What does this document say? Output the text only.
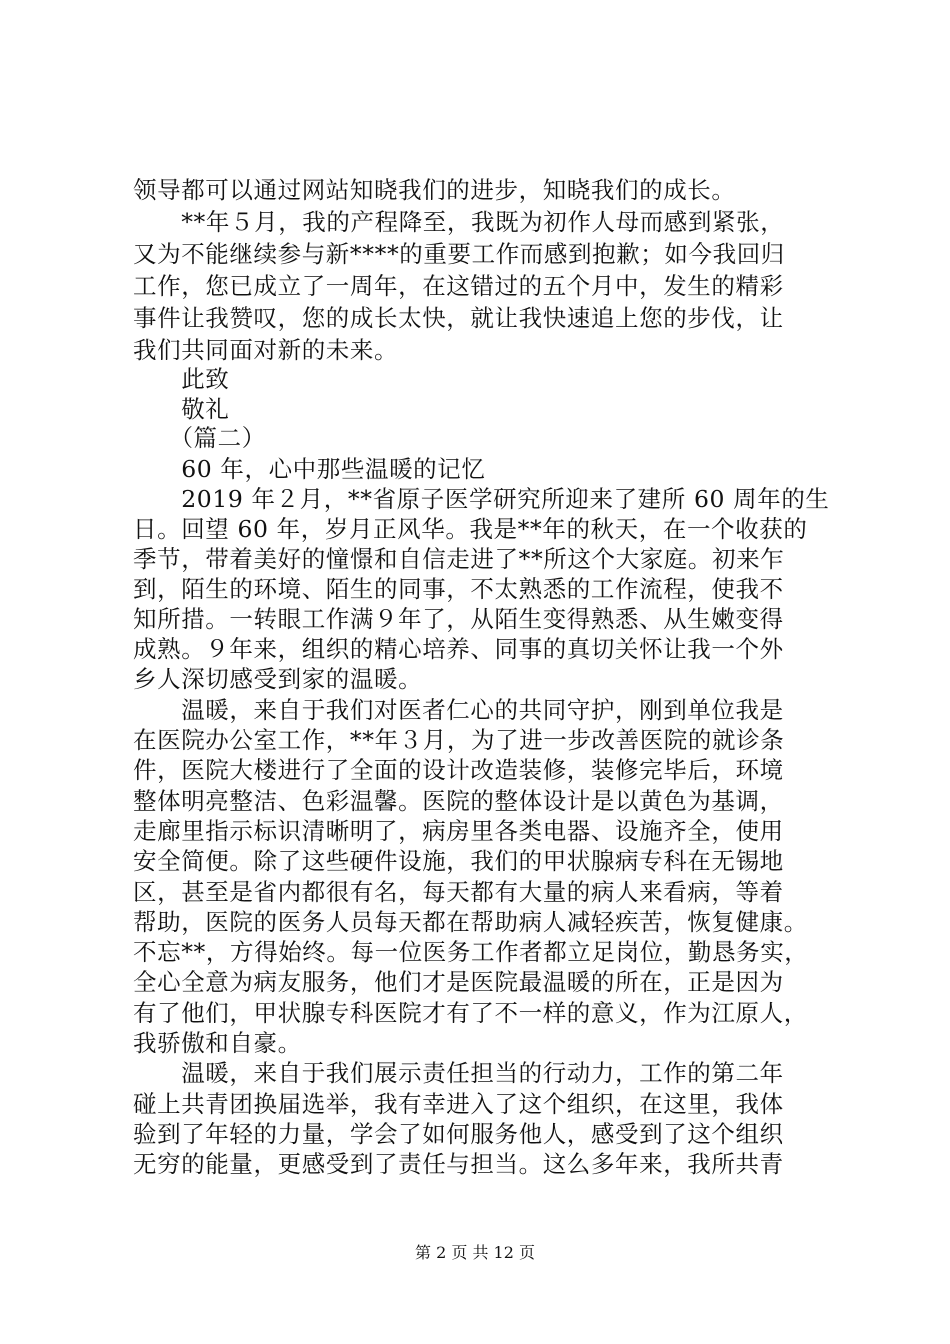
领导都可以通过网站知晓我们的进步，知晓我们的成长。
　　**年５月，我的产程降至，我既为初作人母而感到紧张，
又为不能继续参与新****的重要工作而感到抱歉；如今我回归
工作，您已成立了一周年，在这错过的五个月中，发生的精彩
事件让我赞叹，您的成长太快，就让我快速追上您的步伐，让
我们共同面对新的未来。
　　此致
　　敬礼
　　（篇二）
　　60 年，心中那些温暖的记忆
　　2019 年２月，**省原子医学研究所迎来了建所 60 周年的生
日。回望 60 年，岁月正风华。我是**年的秋天，在一个收获的
季节，带着美好的憧憬和自信走进了**所这个大家庭。初来乍
到，陌生的环境、陌生的同事，不太熟悉的工作流程，使我不
知所措。一转眼工作满９年了，从陌生变得熟悉、从生嫩变得
成熟。９年来，组织的精心培养、同事的真切关怀让我一个外
乡人深切感受到家的温暖。
　　温暖，来自于我们对医者仁心的共同守护，刚到单位我是
在医院办公室工作，**年３月，为了进一步改善医院的就诊条
件，医院大楼进行了全面的设计改造装修，装修完毕后，环境
整体明亮整洁、色彩温馨。医院的整体设计是以黄色为基调，
走廊里指示标识清晰明了，病房里各类电器、设施齐全，使用
安全简便。除了这些硬件设施，我们的甲状腺病专科在无锡地
区，甚至是省内都很有名，每天都有大量的病人来看病，等着
帮助，医院的医务人员每天都在帮助病人减轻疾苦，恢复健康。
不忘**，方得始终。每一位医务工作者都立足岗位，勤恳务实，
全心全意为病友服务，他们才是医院最温暖的所在，正是因为
有了他们，甲状腺专科医院才有了不一样的意义，作为江原人，
我骄傲和自豪。
　　温暖，来自于我们展示责任担当的行动力，工作的第二年
碰上共青团换届选举，我有幸进入了这个组织，在这里，我体
验到了年轻的力量，学会了如何服务他人，感受到了这个组织
无穷的能量，更感受到了责任与担当。这么多年来，我所共青
第 2 页 共 12 页
